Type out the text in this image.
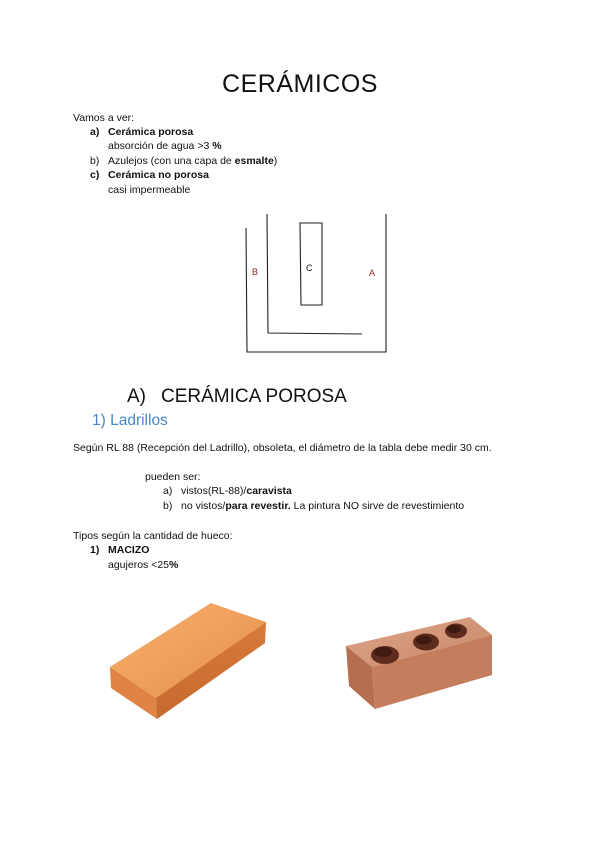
CERÁMICOS
Vamos a ver:
a) Cerámica porosa
absorción de agua >3 %
b) Azulejos (con una capa de esmalte)
c) Cerámica no porosa
casi impermeable
B	C	A
A) CERÁMICA POROSA
1) Ladrillos
Según RL 88 (Recepción del Ladrillo), obsoleta, el diámetro de la tabla debe medir 30 cm.
pueden ser:
a) vistos(RL-88)/caravista
b) no vistos/para revestir. La pintura NO sirve de revestimiento
Tipos según la cantidad de hueco:
1) MACIZO
agujeros <25%
